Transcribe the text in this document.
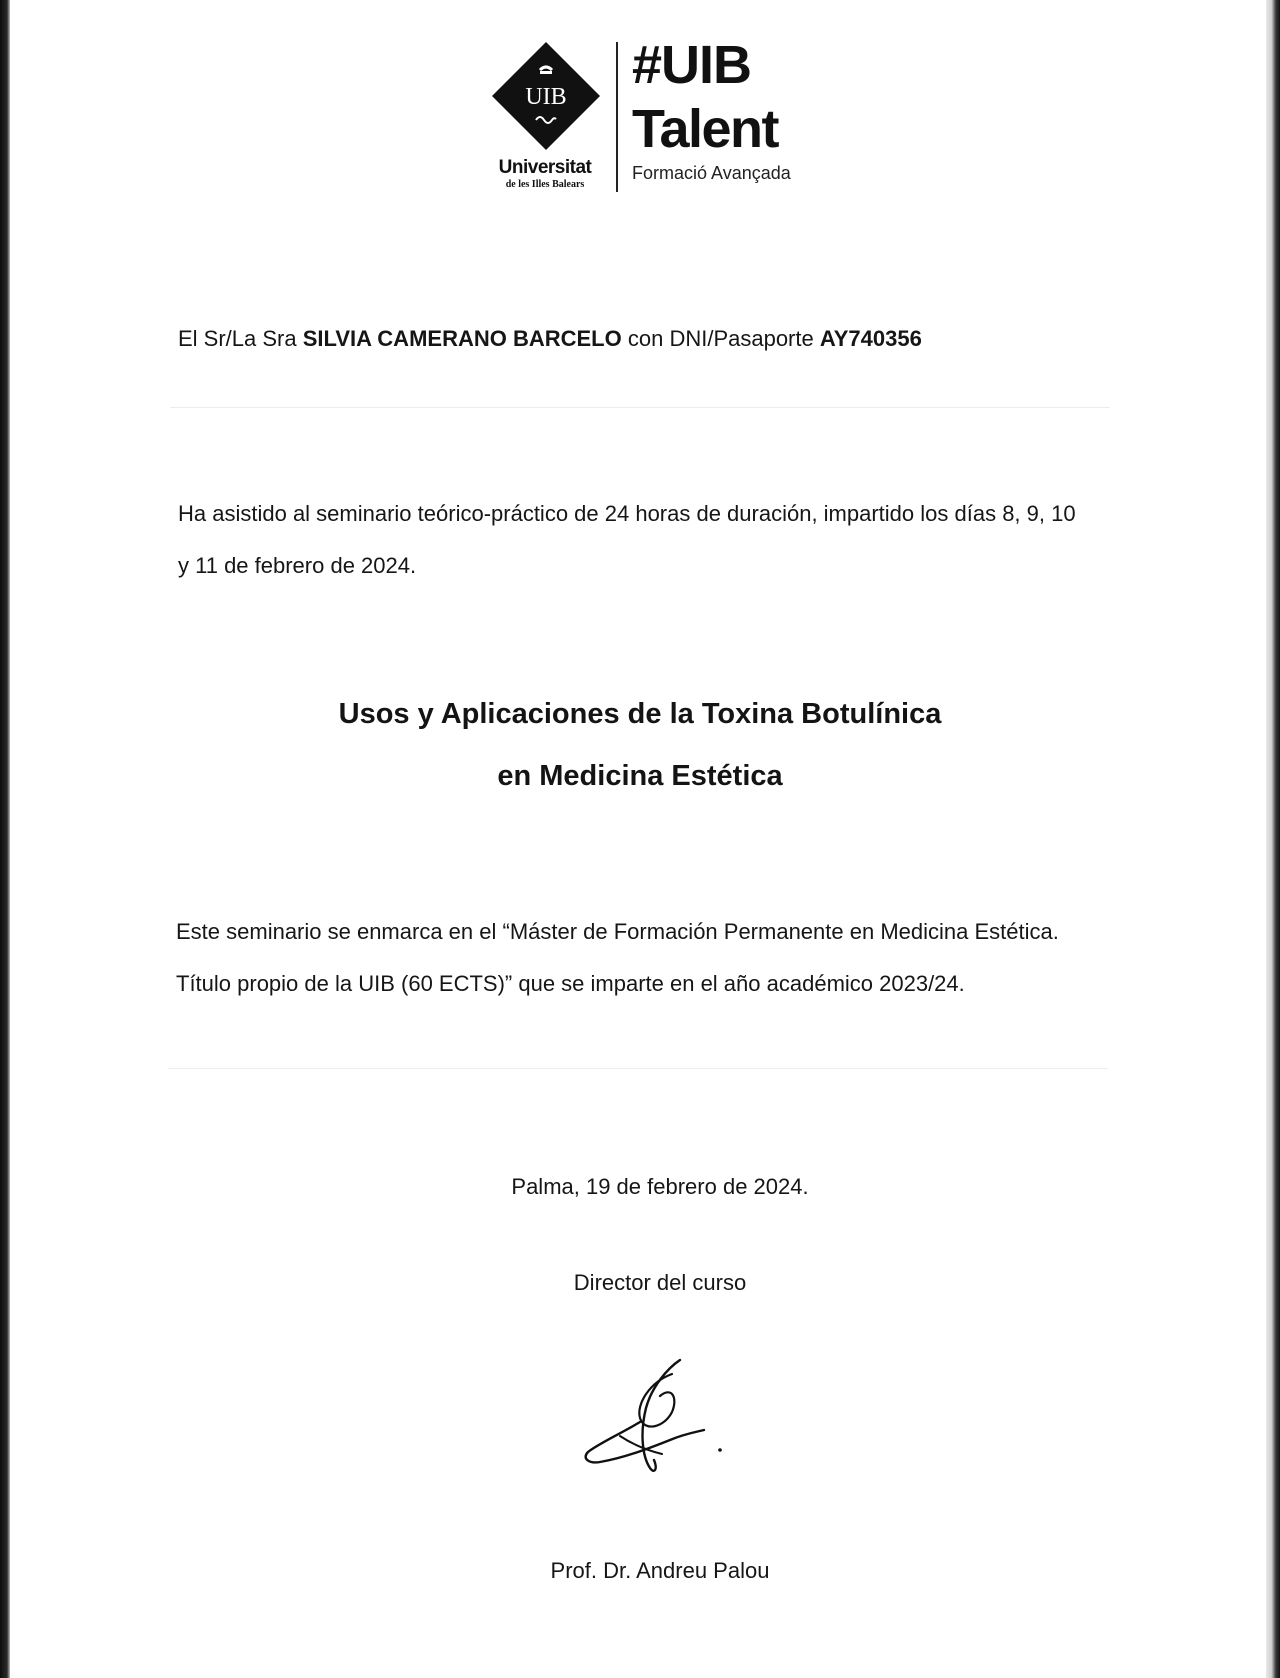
UIB
Universitat
de les Illes Balears
#UIB
Talent
Formació Avançada
El Sr/La Sra SILVIA CAMERANO BARCELO con DNI/Pasaporte AY740356
Ha asistido al seminario teórico-práctico de 24 horas de duración, impartido los días 8, 9, 10
y 11 de febrero de 2024.
Usos y Aplicaciones de la Toxina Botulínica
en Medicina Estética
Este seminario se enmarca en el “Máster de Formación Permanente en Medicina Estética.
Título propio de la UIB (60 ECTS)” que se imparte en el año académico 2023/24.
Palma, 19 de febrero de 2024.
Director del curso
Prof. Dr. Andreu Palou
